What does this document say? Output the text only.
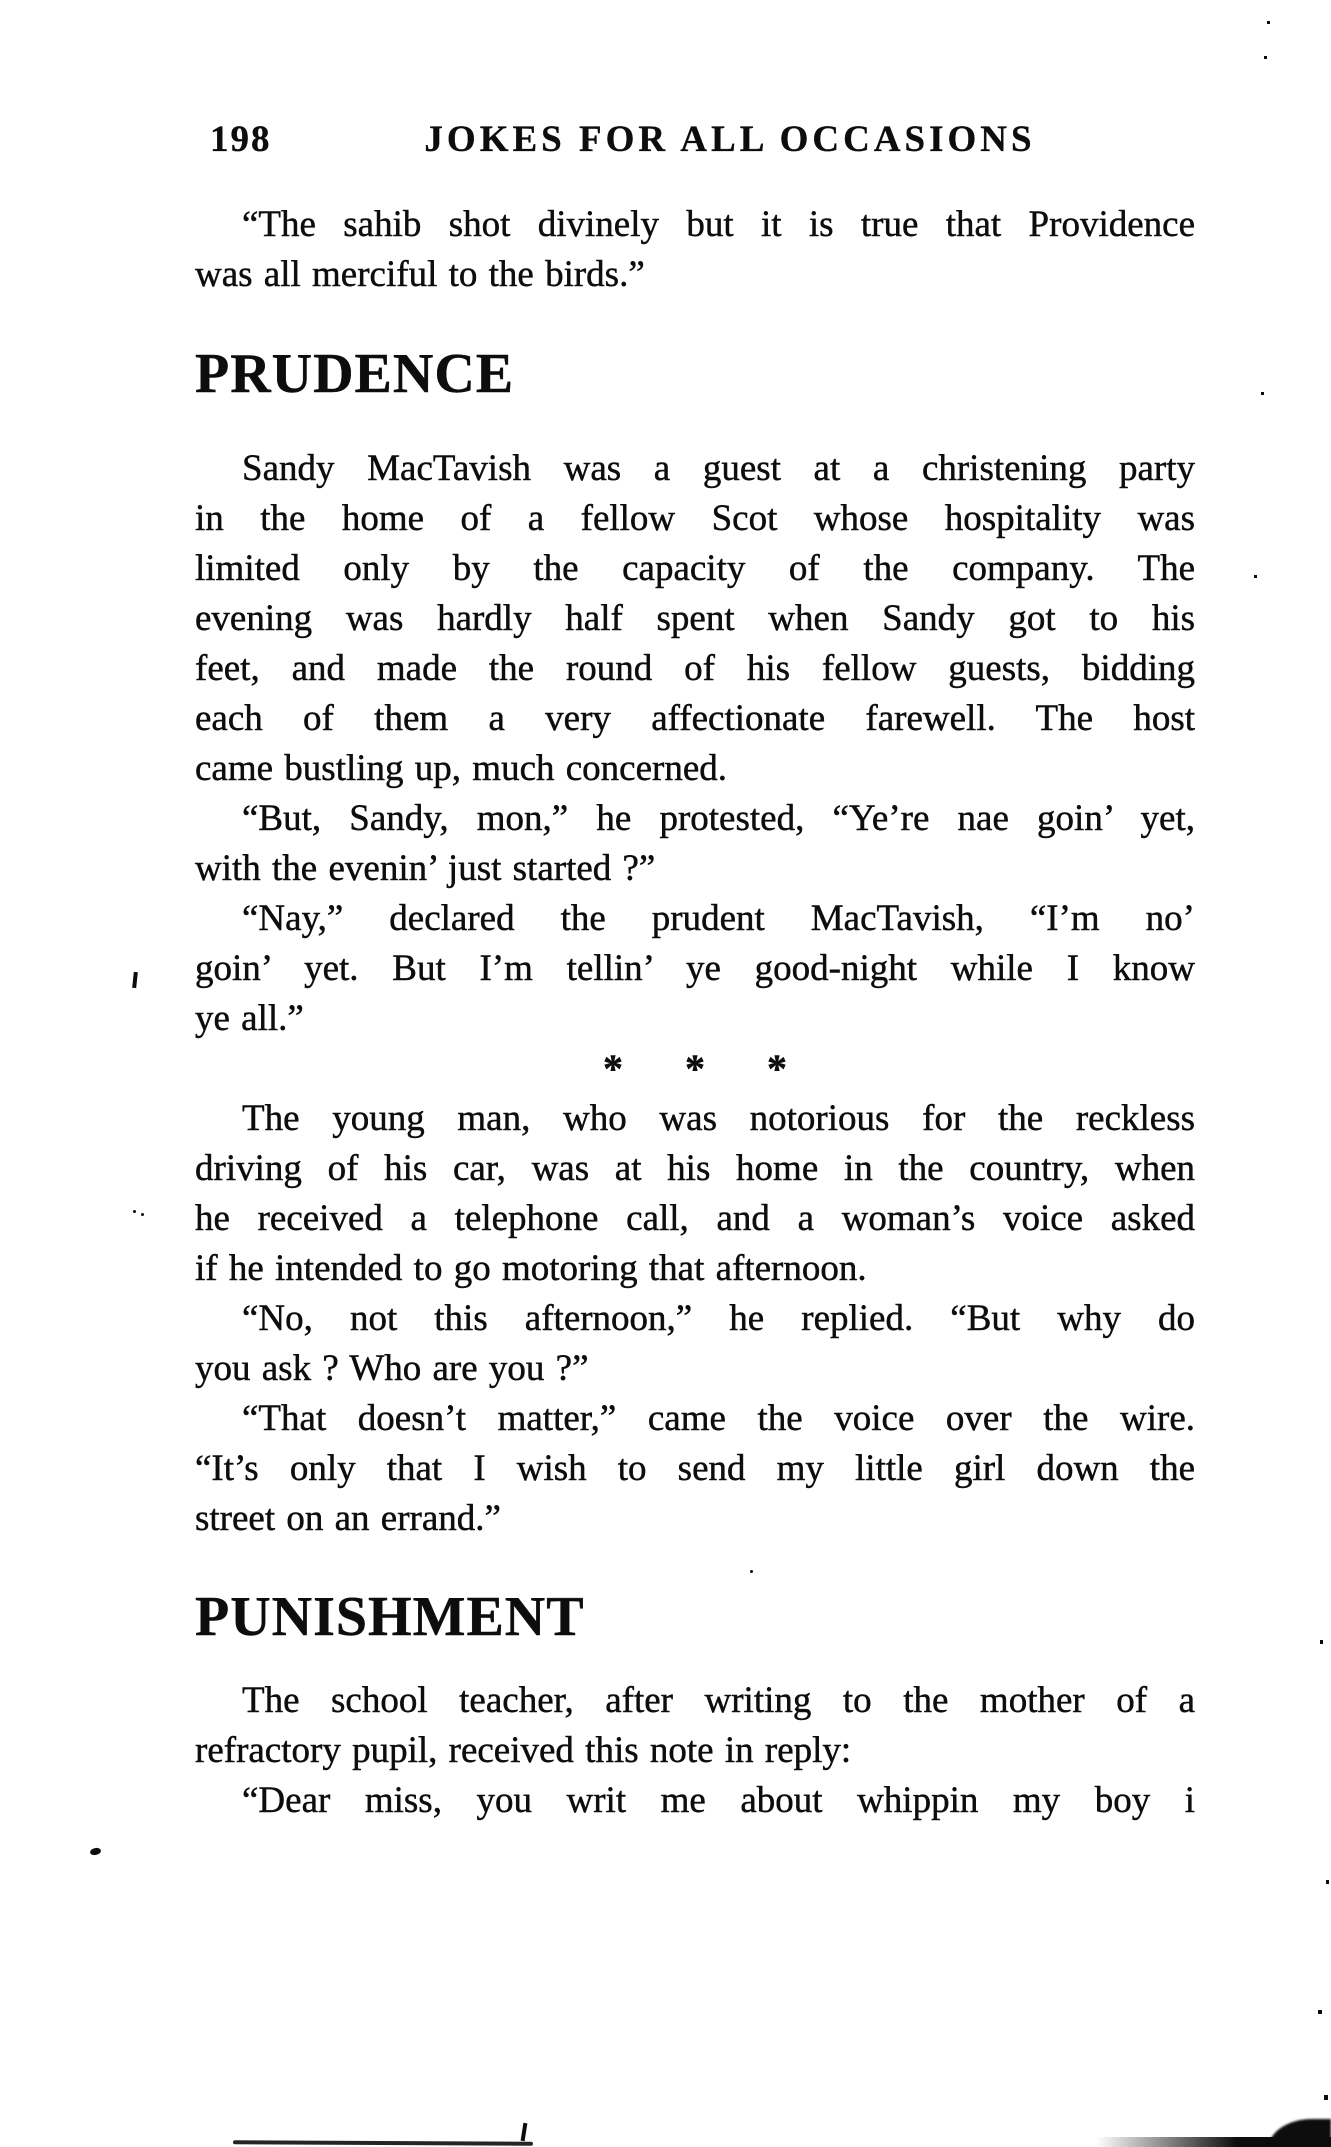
198	JOKES FOR ALL OCCASIONS
“The sahib shot divinely but it is true that Providence
was all merciful to the birds.”
PRUDENCE
Sandy MacTavish was a guest at a christening party
in the home of a fellow Scot whose hospitality was
limited only by the capacity of the company. The
evening was hardly half spent when Sandy got to his
feet, and made the round of his fellow guests, bidding
each of them a very affectionate farewell. The host
came bustling up, much concerned.
“But, Sandy, mon,” he protested, “Ye’re nae goin’ yet,
with the evenin’ just started ?”
“Nay,” declared the prudent MacTavish, “I’m no’
goin’ yet. But I’m tellin’ ye good-night while I know
ye all.”
* * *
The young man, who was notorious for the reckless
driving of his car, was at his home in the country, when
he received a telephone call, and a woman’s voice asked
if he intended to go motoring that afternoon.
“No, not this afternoon,” he replied. “But why do
you ask ? Who are you ?”
“That doesn’t matter,” came the voice over the wire.
“It’s only that I wish to send my little girl down the
street on an errand.”
PUNISHMENT
The school teacher, after writing to the mother of a
refractory pupil, received this note in reply:
“Dear miss, you writ me about whippin my boy i
